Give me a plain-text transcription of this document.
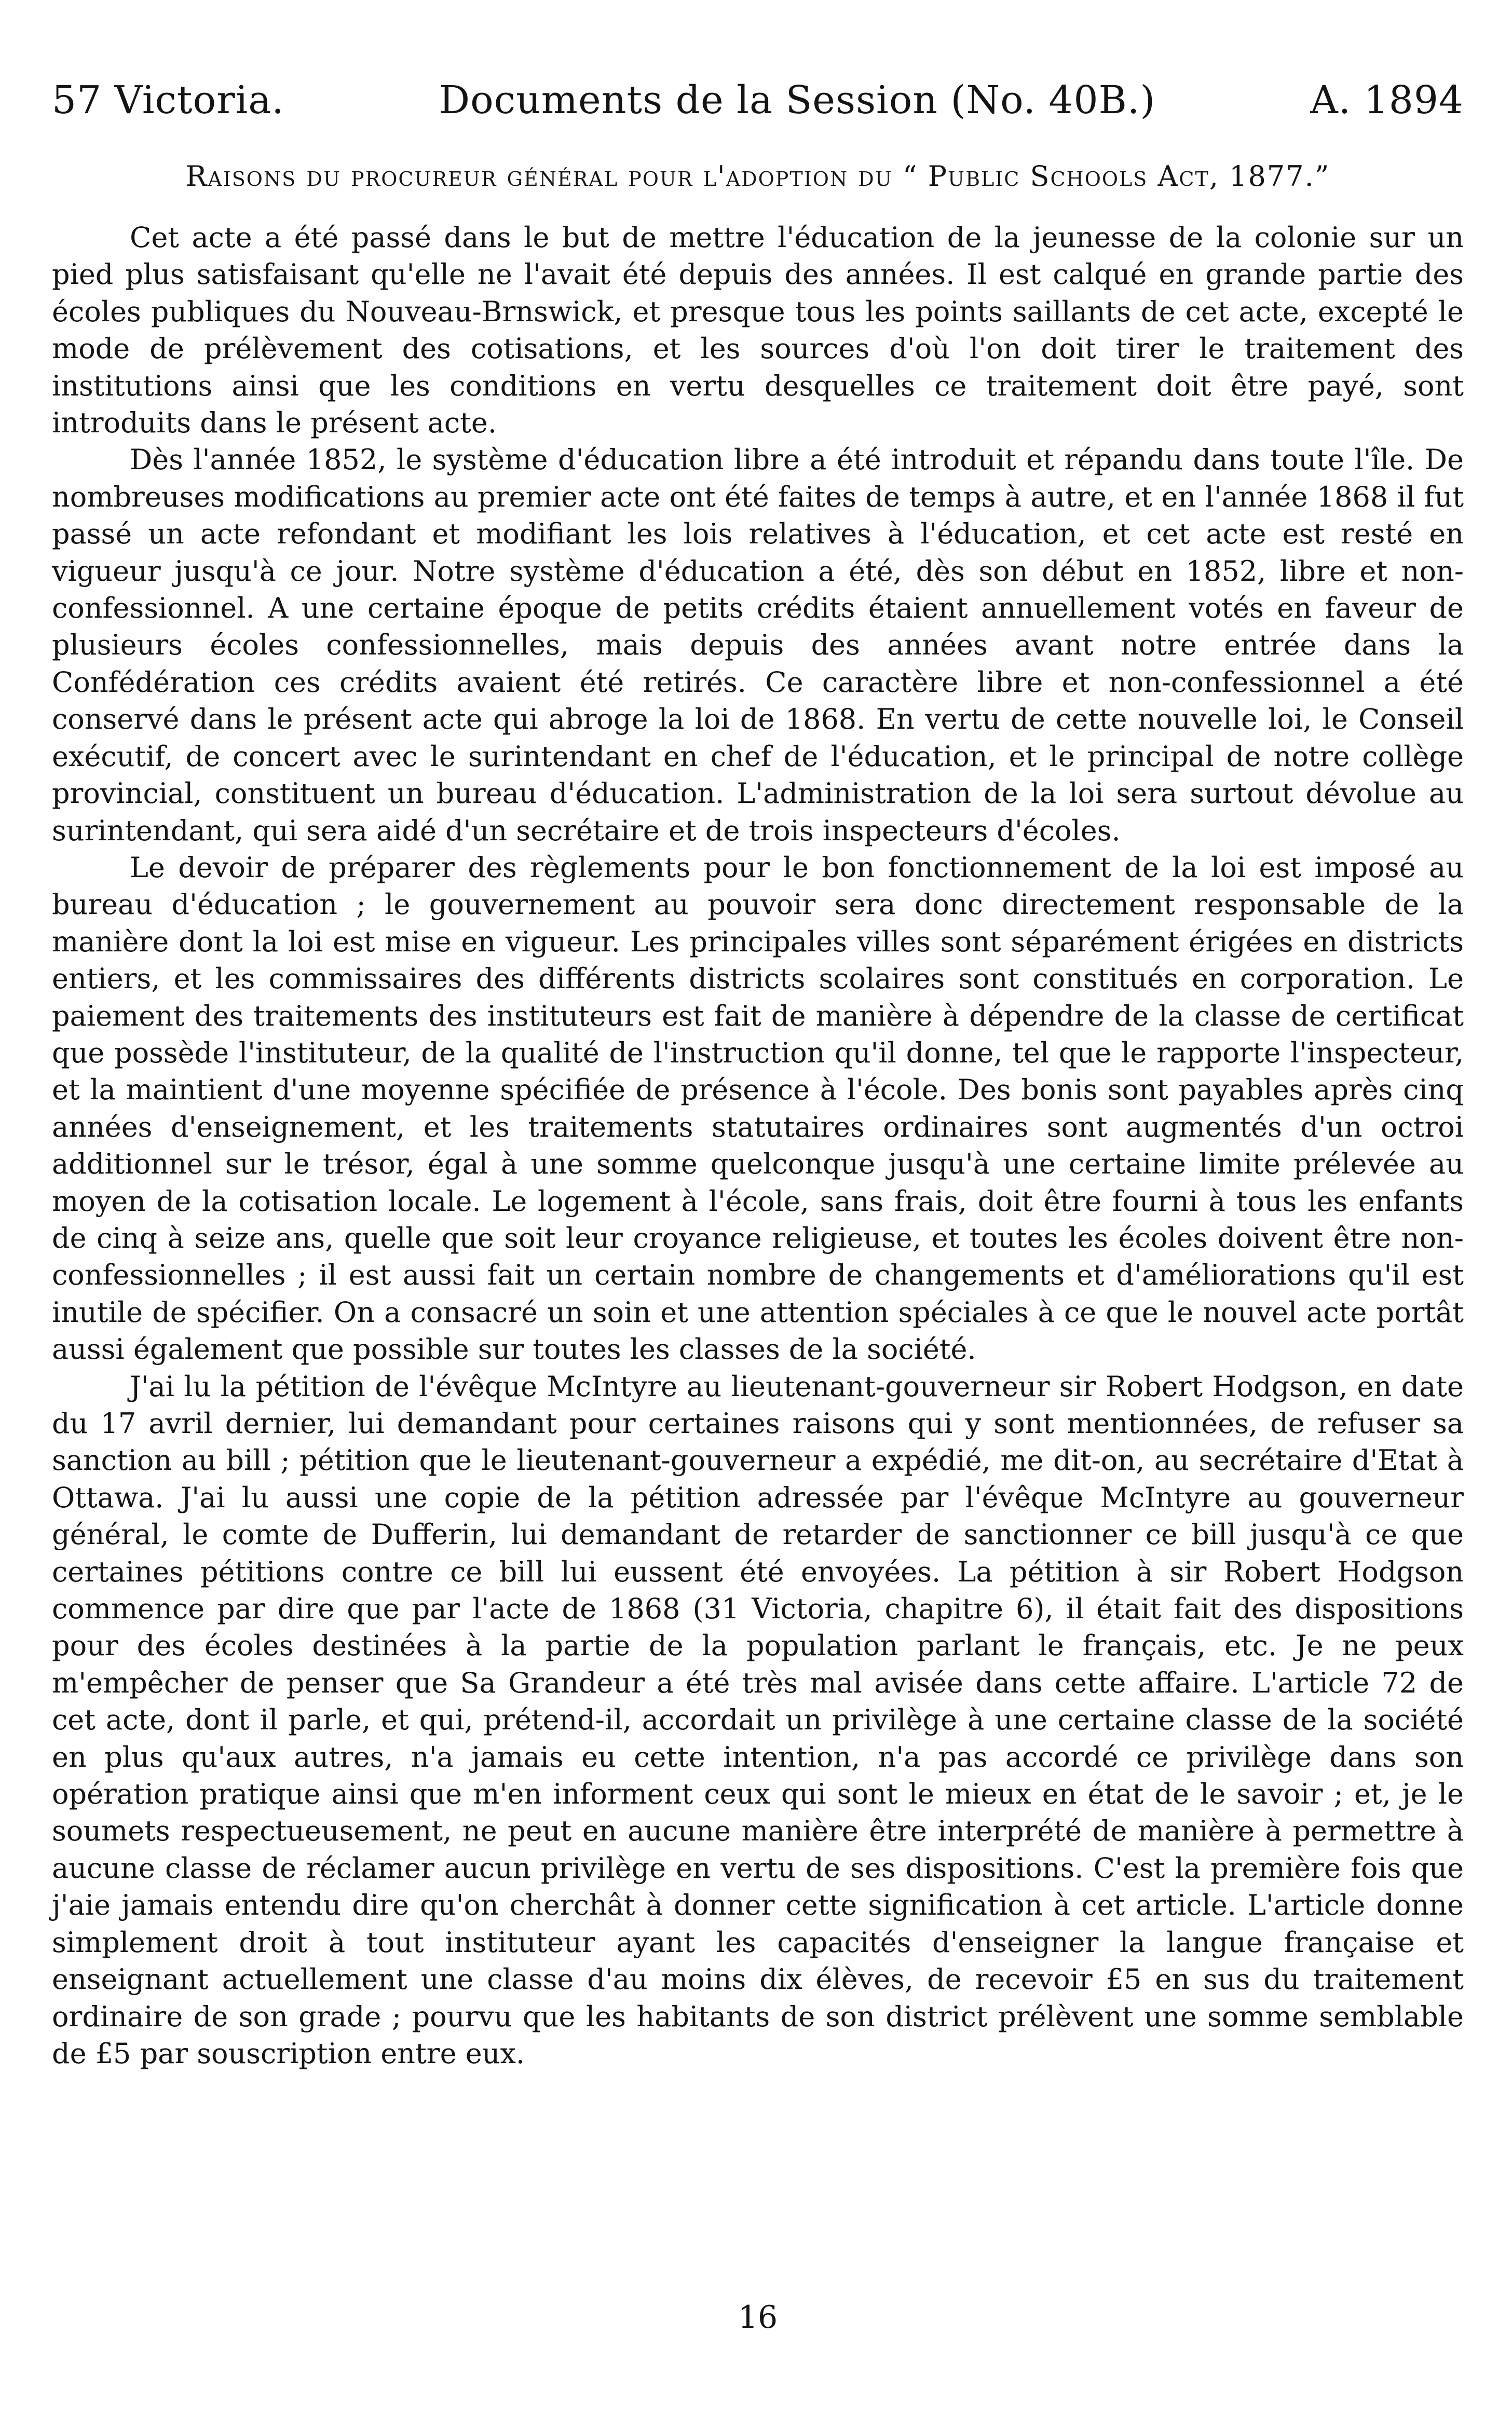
57 Victoria.	Documents de la Session (No. 40B.)	A. 1894
Raisons du procureur général pour l'adoption du “ Public Schools Act, 1877.”

Cet acte a été passé dans le but de mettre l'éducation de la jeunesse de la colonie sur un pied plus satisfaisant qu'elle ne l'avait été depuis des années. Il est calqué en grande partie des écoles publiques du Nouveau-Brnswick, et presque tous les points saillants de cet acte, excepté le mode de prélèvement des cotisations, et les sources d'où l'on doit tirer le traitement des institutions ainsi que les conditions en vertu desquelles ce traitement doit être payé, sont introduits dans le présent acte.

Dès l'année 1852, le système d'éducation libre a été introduit et répandu dans toute l'île. De nombreuses modifications au premier acte ont été faites de temps à autre, et en l'année 1868 il fut passé un acte refondant et modifiant les lois relatives à l'éducation, et cet acte est resté en vigueur jusqu'à ce jour. Notre système d'éducation a été, dès son début en 1852, libre et non-confessionnel. A une certaine époque de petits crédits étaient annuellement votés en faveur de plusieurs écoles confessionnelles, mais depuis des années avant notre entrée dans la Confédération ces crédits avaient été retirés. Ce caractère libre et non-confessionnel a été conservé dans le présent acte qui abroge la loi de 1868. En vertu de cette nouvelle loi, le Conseil exécutif, de concert avec le surintendant en chef de l'éducation, et le principal de notre collège provincial, constituent un bureau d'éducation. L'administration de la loi sera surtout dévolue au surintendant, qui sera aidé d'un secrétaire et de trois inspecteurs d'écoles.

Le devoir de préparer des règlements pour le bon fonctionnement de la loi est imposé au bureau d'éducation ; le gouvernement au pouvoir sera donc directement responsable de la manière dont la loi est mise en vigueur. Les principales villes sont séparément érigées en districts entiers, et les commissaires des différents districts scolaires sont constitués en corporation. Le paiement des traitements des instituteurs est fait de manière à dépendre de la classe de certificat que possède l'instituteur, de la qualité de l'instruction qu'il donne, tel que le rapporte l'inspecteur, et la maintient d'une moyenne spécifiée de présence à l'école. Des bonis sont payables après cinq années d'enseignement, et les traitements statutaires ordinaires sont augmentés d'un octroi additionnel sur le trésor, égal à une somme quelconque jusqu'à une certaine limite prélevée au moyen de la cotisation locale. Le logement à l'école, sans frais, doit être fourni à tous les enfants de cinq à seize ans, quelle que soit leur croyance religieuse, et toutes les écoles doivent être non-confessionnelles ; il est aussi fait un certain nombre de changements et d'améliorations qu'il est inutile de spécifier. On a consacré un soin et une attention spéciales à ce que le nouvel acte portât aussi également que possible sur toutes les classes de la société.

J'ai lu la pétition de l'évêque McIntyre au lieutenant-gouverneur sir Robert Hodgson, en date du 17 avril dernier, lui demandant pour certaines raisons qui y sont mentionnées, de refuser sa sanction au bill ; pétition que le lieutenant-gouverneur a expédié, me dit-on, au secrétaire d'Etat à Ottawa. J'ai lu aussi une copie de la pétition adressée par l'évêque McIntyre au gouverneur général, le comte de Dufferin, lui demandant de retarder de sanctionner ce bill jusqu'à ce que certaines pétitions contre ce bill lui eussent été envoyées. La pétition à sir Robert Hodgson commence par dire que par l'acte de 1868 (31 Victoria, chapitre 6), il était fait des dispositions pour des écoles destinées à la partie de la population parlant le français, etc. Je ne peux m'empêcher de penser que Sa Grandeur a été très mal avisée dans cette affaire. L'article 72 de cet acte, dont il parle, et qui, prétend-il, accordait un privilège à une certaine classe de la société en plus qu'aux autres, n'a jamais eu cette intention, n'a pas accordé ce privilège dans son opération pratique ainsi que m'en informent ceux qui sont le mieux en état de le savoir ; et, je le soumets respectueusement, ne peut en aucune manière être interprété de manière à permettre à aucune classe de réclamer aucun privilège en vertu de ses dispositions. C'est la première fois que j'aie jamais entendu dire qu'on cherchât à donner cette signification à cet article. L'article donne simplement droit à tout instituteur ayant les capacités d'enseigner la langue française et enseignant actuellement une classe d'au moins dix élèves, de recevoir £5 en sus du traitement ordinaire de son grade ; pourvu que les habitants de son district prélèvent une somme semblable de £5 par souscription entre eux.

16
